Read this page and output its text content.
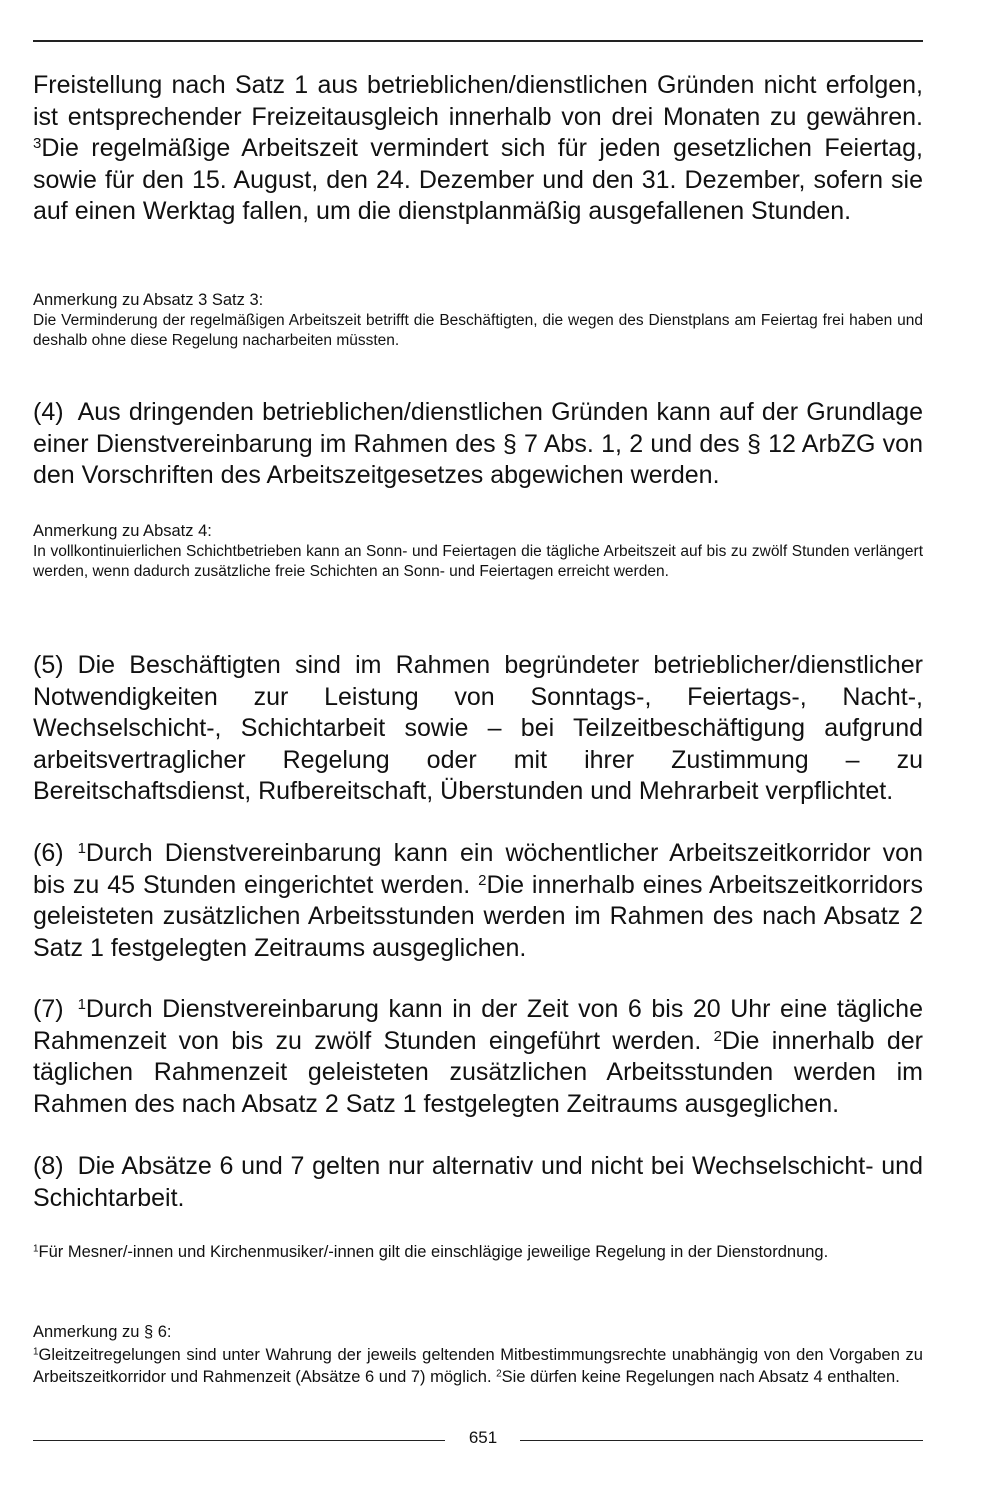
Freistellung nach Satz 1 aus betrieblichen/dienstlichen Gründen nicht erfolgen, ist entsprechender Freizeitausgleich innerhalb von drei Monaten zu gewähren. $^3$Die regelmäßige Arbeitszeit vermindert sich für jeden gesetzlichen Feiertag, sowie für den 15. August, den 24. Dezember und den 31. Dezember, sofern sie auf einen Werktag fallen, um die dienstplanmäßig ausgefallenen Stunden.
Anmerkung zu Absatz 3 Satz 3:
Die Verminderung der regelmäßigen Arbeitszeit betrifft die Beschäftigten, die wegen des Dienstplans am Feiertag frei haben und deshalb ohne diese Regelung nacharbeiten müssten.
(4) Aus dringenden betrieblichen/dienstlichen Gründen kann auf der Grundlage einer Dienstvereinbarung im Rahmen des § 7 Abs. 1, 2 und des § 12 ArbZG von den Vorschriften des Arbeitszeitgesetzes abgewichen werden.
Anmerkung zu Absatz 4:
In vollkontinuierlichen Schichtbetrieben kann an Sonn- und Feiertagen die tägliche Arbeitszeit auf bis zu zwölf Stunden verlängert werden, wenn dadurch zusätzliche freie Schichten an Sonn- und Feiertagen erreicht werden.
(5) Die Beschäftigten sind im Rahmen begründeter betrieblicher/dienstlicher Notwendigkeiten zur Leistung von Sonntags-, Feiertags-, Nacht-, Wechselschicht-, Schichtarbeit sowie – bei Teilzeitbeschäftigung aufgrund arbeitsvertraglicher Regelung oder mit ihrer Zustimmung – zu Bereitschaftsdienst, Rufbereitschaft, Überstunden und Mehrarbeit verpflichtet.
(6) $^1$Durch Dienstvereinbarung kann ein wöchentlicher Arbeitszeitkorridor von bis zu 45 Stunden eingerichtet werden. $^2$Die innerhalb eines Arbeitszeitkorridors geleisteten zusätzlichen Arbeitsstunden werden im Rahmen des nach Absatz 2 Satz 1 festgelegten Zeitraums ausgeglichen.
(7) $^1$Durch Dienstvereinbarung kann in der Zeit von 6 bis 20 Uhr eine tägliche Rahmenzeit von bis zu zwölf Stunden eingeführt werden. $^2$Die innerhalb der täglichen Rahmenzeit geleisteten zusätzlichen Arbeitsstunden werden im Rahmen des nach Absatz 2 Satz 1 festgelegten Zeitraums ausgeglichen.
(8) Die Absätze 6 und 7 gelten nur alternativ und nicht bei Wechselschicht- und Schichtarbeit.
$^1$Für Mesner/-innen und Kirchenmusiker/-innen gilt die einschlägige jeweilige Regelung in der Dienstordnung.
Anmerkung zu § 6:
$^1$Gleitzeitregelungen sind unter Wahrung der jeweils geltenden Mitbestimmungsrechte unabhängig von den Vorgaben zu Arbeitszeitkorridor und Rahmenzeit (Absätze 6 und 7) möglich. $^2$Sie dürfen keine Regelungen nach Absatz 4 enthalten.
651
